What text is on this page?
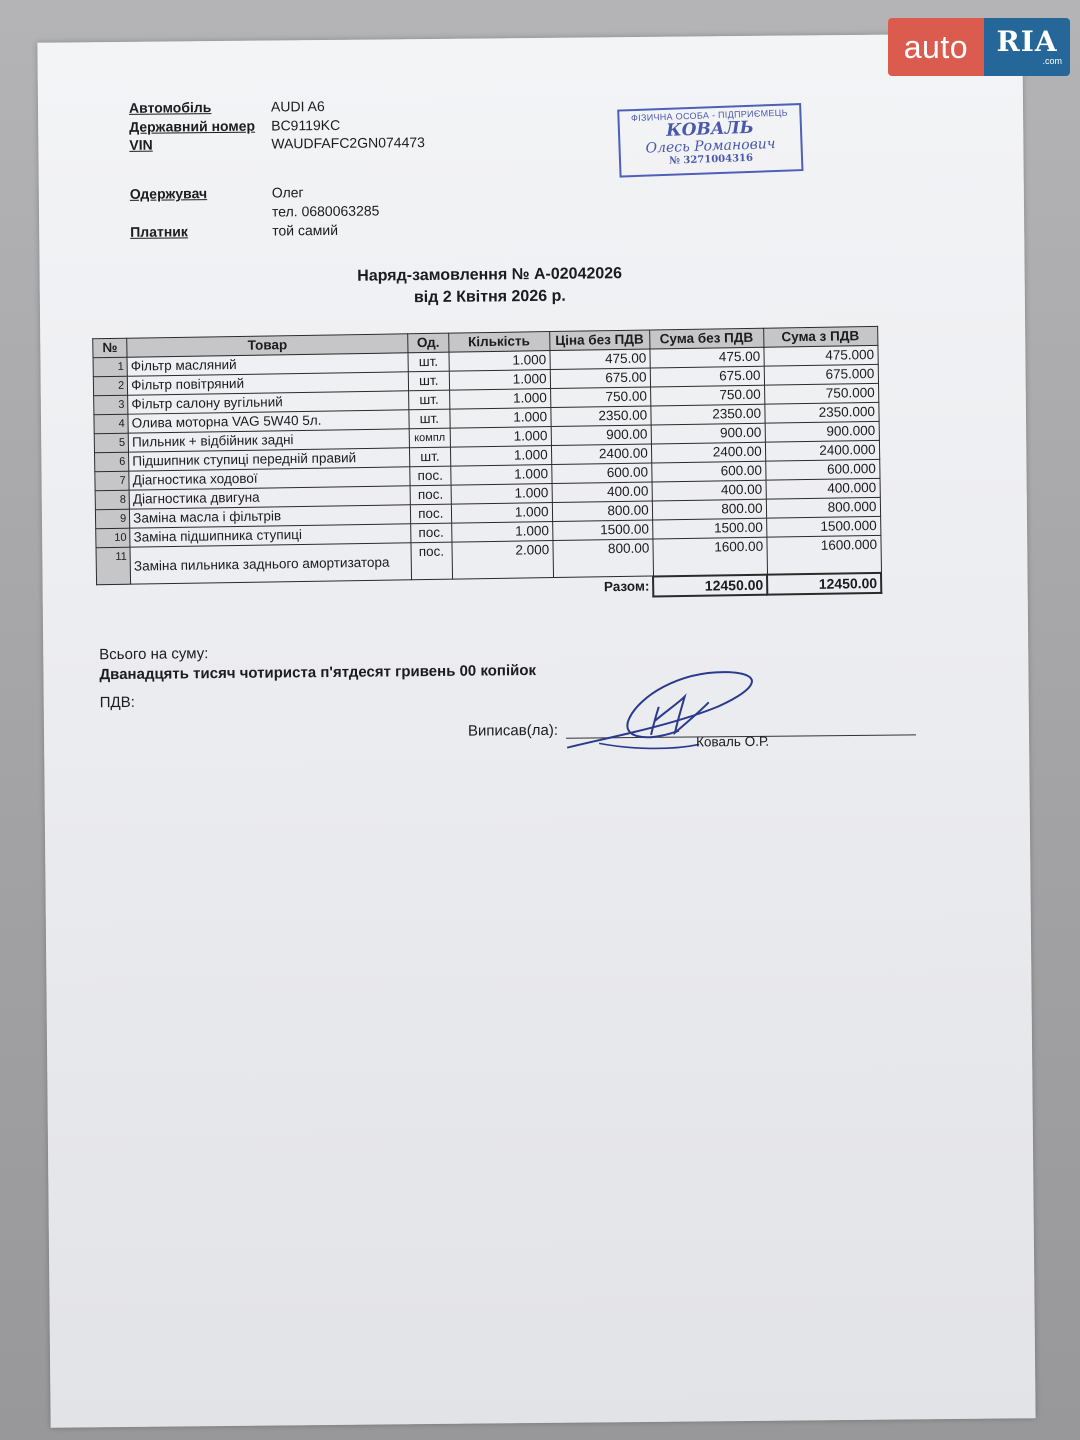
Автомобіль	AUDI A6
Державний номер BC9119KC
VIN	WAUDFAFC2GN074473
Одержувач	Олег
тел. 0680063285
Платник	той самий
ФІЗИЧНА ОСОБА - ПІДПРИЄМЕЦЬ
КОВАЛЬ
Олесь Романович
№ 3271004316
Наряд-замовлення № А-02042026
від 2 Квітня 2026 р.
№	Товар	Од.	Кількість	Ціна без ПДВ	Сума без ПДВ	Сума з ПДВ
1	Фільтр масляний	шт.	1.000	475.00	475.00	475.000
2	Фільтр повітряний	шт.	1.000	675.00	675.00	675.000
3	Фільтр салону вугільний	шт.	1.000	750.00	750.00	750.000
4	Олива моторна VAG 5W40 5л.	шт.	1.000	2350.00	2350.00	2350.000
5	Пильник + відбійник задні	компл	1.000	900.00	900.00	900.000
6	Підшипник ступиці передній правий	шт.	1.000	2400.00	2400.00	2400.000
7	Діагностика ходової	пос.	1.000	600.00	600.00	600.000
8	Діагностика двигуна	пос.	1.000	400.00	400.00	400.000
9	Заміна масла і фільтрів	пос.	1.000	800.00	800.00	800.000
10	Заміна підшипника ступиці	пос.	1.000	1500.00	1500.00	1500.000
11	Заміна пильника заднього амортизатора	пос.	2.000	800.00	1600.00	1600.000
Разом:					12450.00	12450.00
Всього на суму:
Дванадцять тисяч чотириста п'ятдесят гривень 00 копійок
ПДВ:
Виписав(ла):
Коваль О.Р.
auto	RIA
.com
